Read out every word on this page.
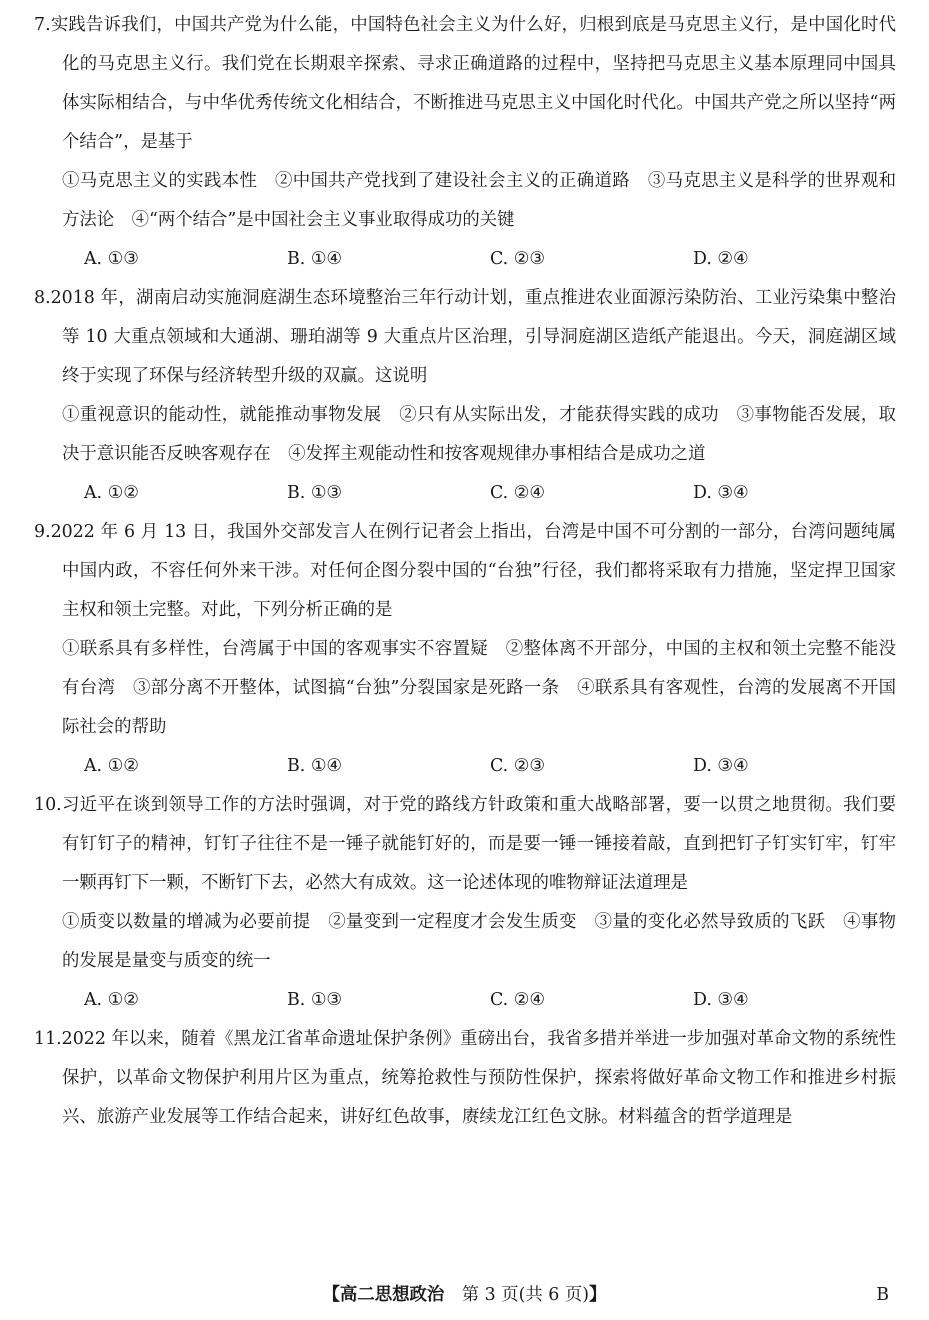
7.实践告诉我们，中国共产党为什么能，中国特色社会主义为什么好，归根到底是马克思主义行，是中国化时代化的马克思主义行。我们党在长期艰辛探索、寻求正确道路的过程中，坚持把马克思主义基本原理同中国具体实际相结合，与中华优秀传统文化相结合，不断推进马克思主义中国化时代化。中国共产党之所以坚持“两个结合”，是基于
①马克思主义的实践本性　②中国共产党找到了建设社会主义的正确道路　③马克思主义是科学的世界观和方法论　④“两个结合”是中国社会主义事业取得成功的关键
A. ①③	B. ①④	C. ②③	D. ②④
8.2018 年，湖南启动实施洞庭湖生态环境整治三年行动计划，重点推进农业面源污染防治、工业污染集中整治等 10 大重点领域和大通湖、珊珀湖等 9 大重点片区治理，引导洞庭湖区造纸产能退出。今天，洞庭湖区域终于实现了环保与经济转型升级的双赢。这说明
①重视意识的能动性，就能推动事物发展　②只有从实际出发，才能获得实践的成功　③事物能否发展，取决于意识能否反映客观存在　④发挥主观能动性和按客观规律办事相结合是成功之道
A. ①②	B. ①③	C. ②④	D. ③④
9.2022 年 6 月 13 日，我国外交部发言人在例行记者会上指出，台湾是中国不可分割的一部分，台湾问题纯属中国内政，不容任何外来干涉。对任何企图分裂中国的“台独”行径，我们都将采取有力措施，坚定捍卫国家主权和领土完整。对此，下列分析正确的是
①联系具有多样性，台湾属于中国的客观事实不容置疑　②整体离不开部分，中国的主权和领土完整不能没有台湾　③部分离不开整体，试图搞“台独”分裂国家是死路一条　④联系具有客观性，台湾的发展离不开国际社会的帮助
A. ①②	B. ①④	C. ②③	D. ③④
10.习近平在谈到领导工作的方法时强调，对于党的路线方针政策和重大战略部署，要一以贯之地贯彻。我们要有钉钉子的精神，钉钉子往往不是一锤子就能钉好的，而是要一锤一锤接着敲，直到把钉子钉实钉牢，钉牢一颗再钉下一颗，不断钉下去，必然大有成效。这一论述体现的唯物辩证法道理是
①质变以数量的增减为必要前提　②量变到一定程度才会发生质变　③量的变化必然导致质的飞跃　④事物的发展是量变与质变的统一
A. ①②	B. ①③	C. ②④	D. ③④
11.2022 年以来，随着《黑龙江省革命遗址保护条例》重磅出台，我省多措并举进一步加强对革命文物的系统性保护，以革命文物保护利用片区为重点，统筹抢救性与预防性保护，探索将做好革命文物工作和推进乡村振兴、旅游产业发展等工作结合起来，讲好红色故事，赓续龙江红色文脉。材料蕴含的哲学道理是
【高二思想政治　 第 3 页(共 6 页)】	B
